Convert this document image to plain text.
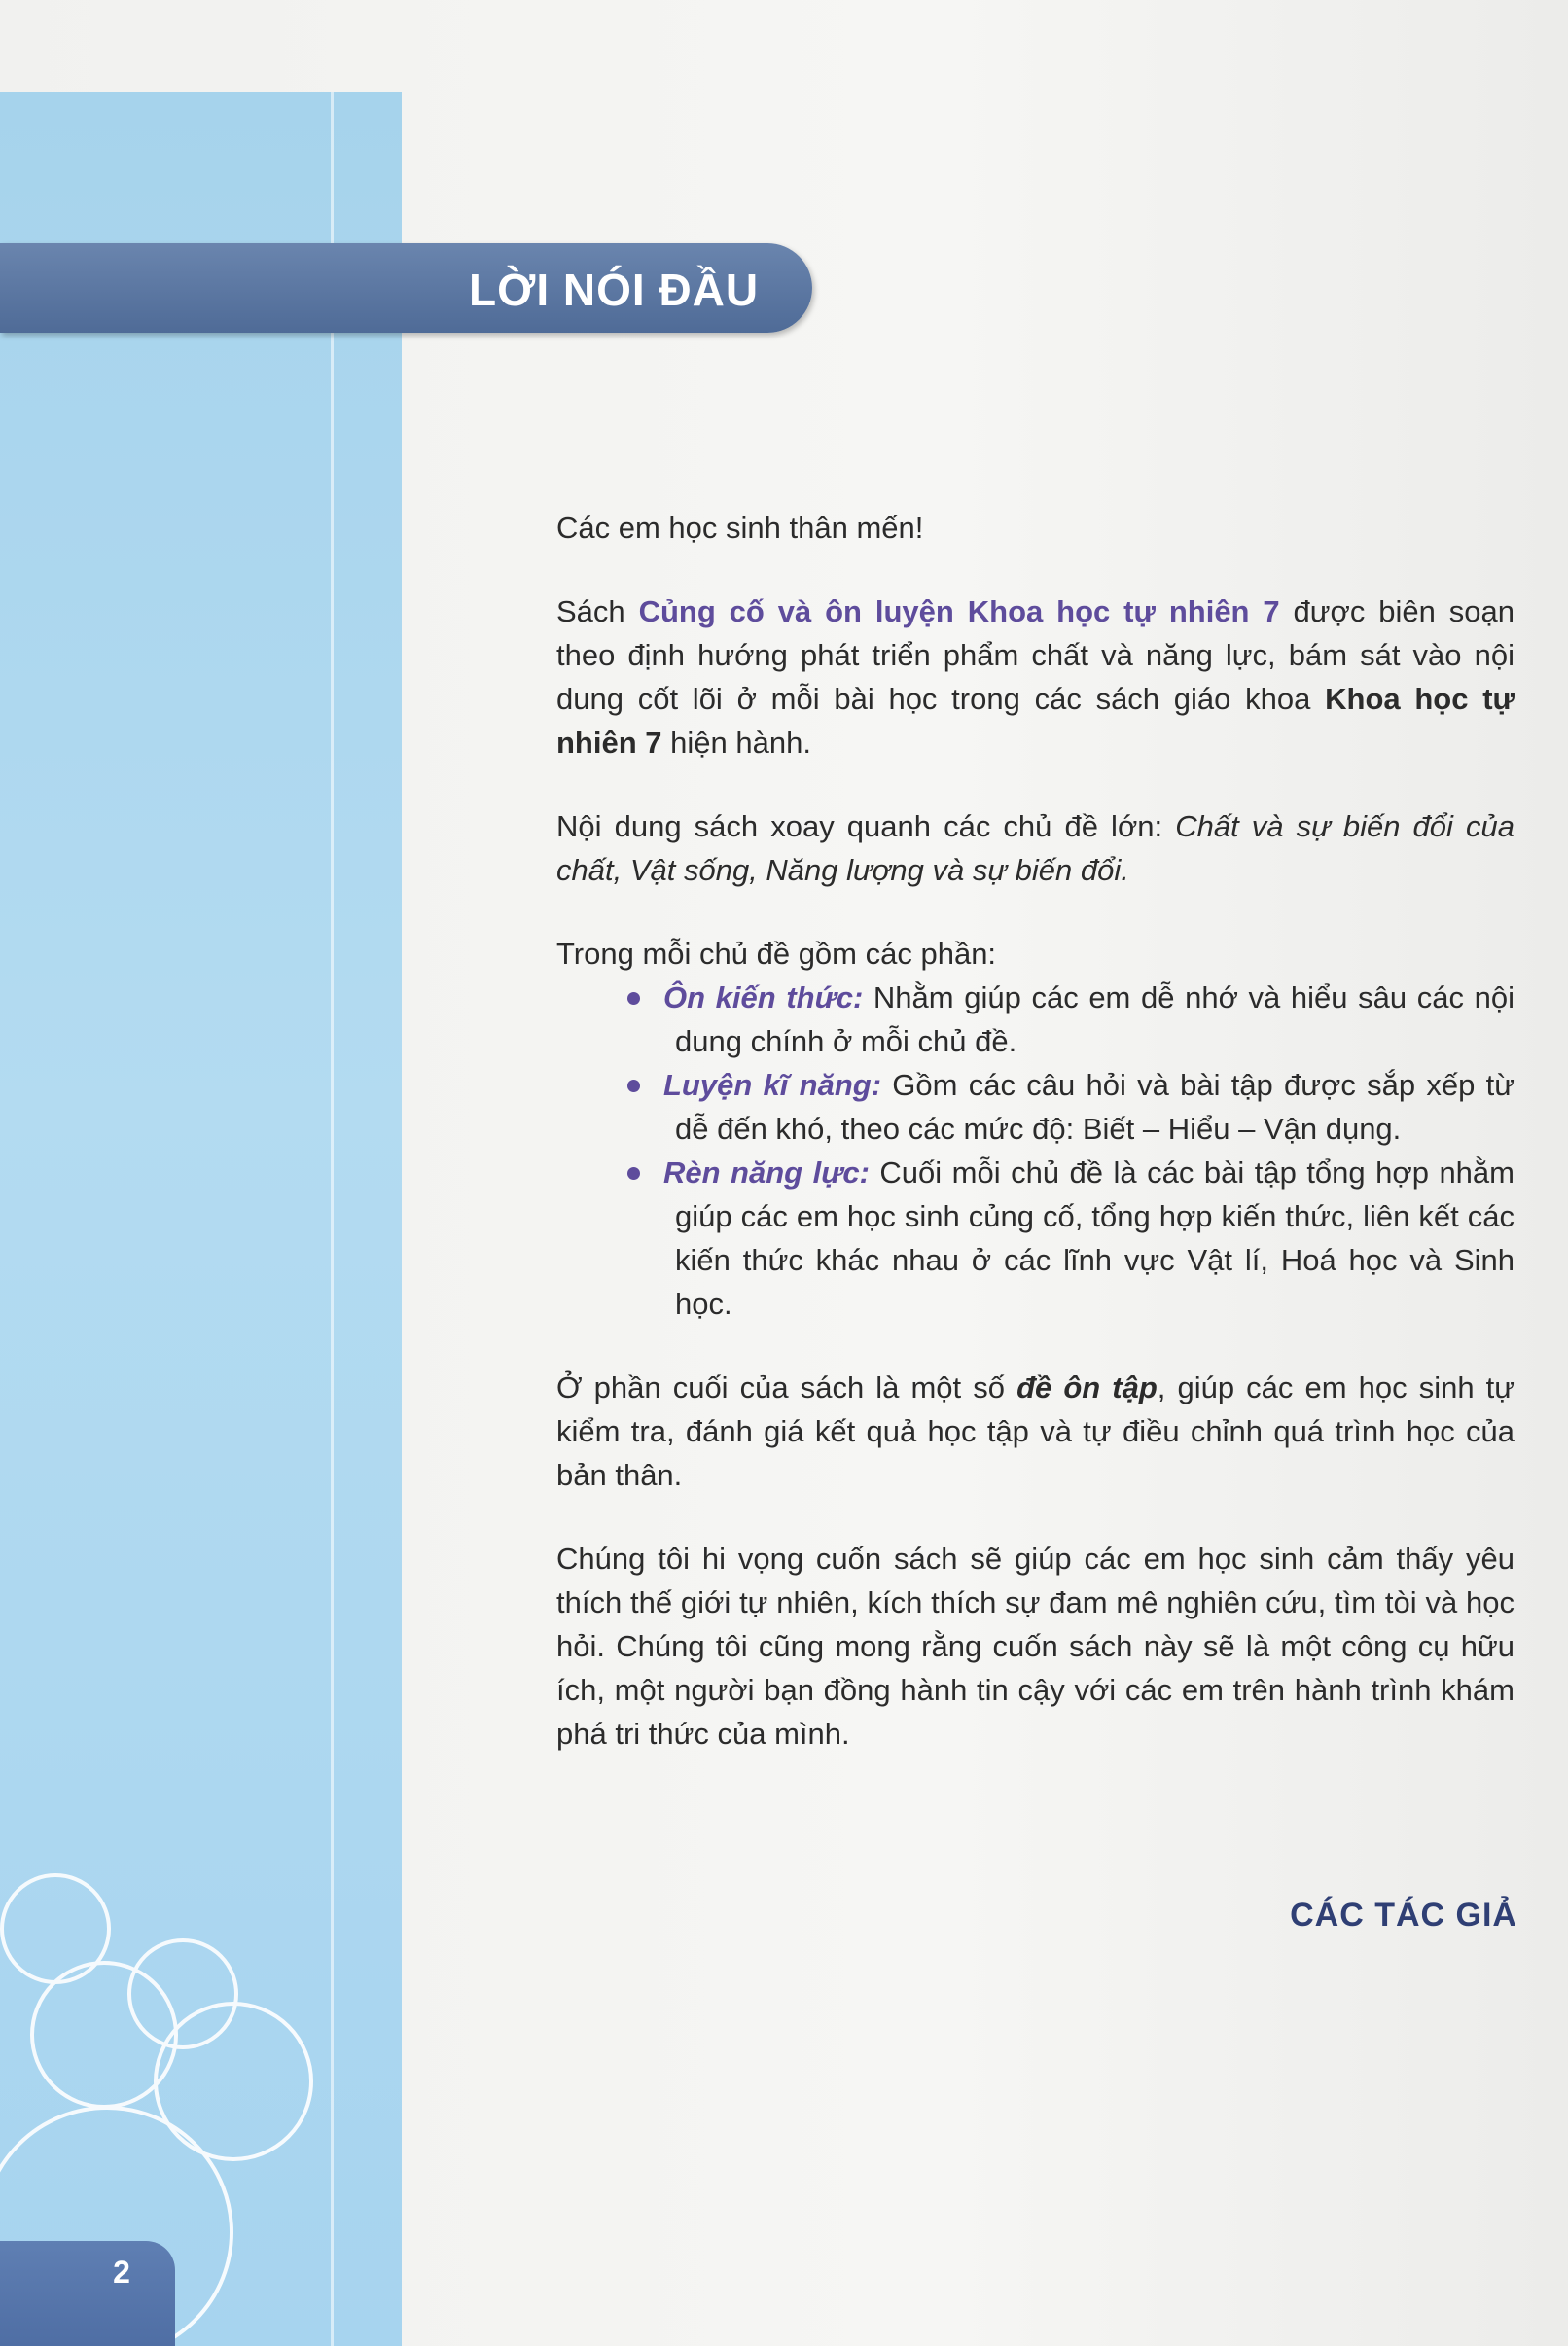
LỜI NÓI ĐẦU

Các em học sinh thân mến!

Sách Củng cố và ôn luyện Khoa học tự nhiên 7 được biên soạn theo định hướng phát triển phẩm chất và năng lực, bám sát vào nội dung cốt lõi ở mỗi bài học trong các sách giáo khoa Khoa học tự nhiên 7 hiện hành.

Nội dung sách xoay quanh các chủ đề lớn: Chất và sự biến đổi của chất, Vật sống, Năng lượng và sự biến đổi.

Trong mỗi chủ đề gồm các phần:

Ôn kiến thức: Nhằm giúp các em dễ nhớ và hiểu sâu các nội dung chính ở mỗi chủ đề.
Luyện kĩ năng: Gồm các câu hỏi và bài tập được sắp xếp từ dễ đến khó, theo các mức độ: Biết – Hiểu – Vận dụng.
Rèn năng lực: Cuối mỗi chủ đề là các bài tập tổng hợp nhằm giúp các em học sinh củng cố, tổng hợp kiến thức, liên kết các kiến thức khác nhau ở các lĩnh vực Vật lí, Hoá học và Sinh học.

Ở phần cuối của sách là một số đề ôn tập, giúp các em học sinh tự kiểm tra, đánh giá kết quả học tập và tự điều chỉnh quá trình học của bản thân.

Chúng tôi hi vọng cuốn sách sẽ giúp các em học sinh cảm thấy yêu thích thế giới tự nhiên, kích thích sự đam mê nghiên cứu, tìm tòi và học hỏi. Chúng tôi cũng mong rằng cuốn sách này sẽ là một công cụ hữu ích, một người bạn đồng hành tin cậy với các em trên hành trình khám phá tri thức của mình.

CÁC TÁC GIẢ
2
